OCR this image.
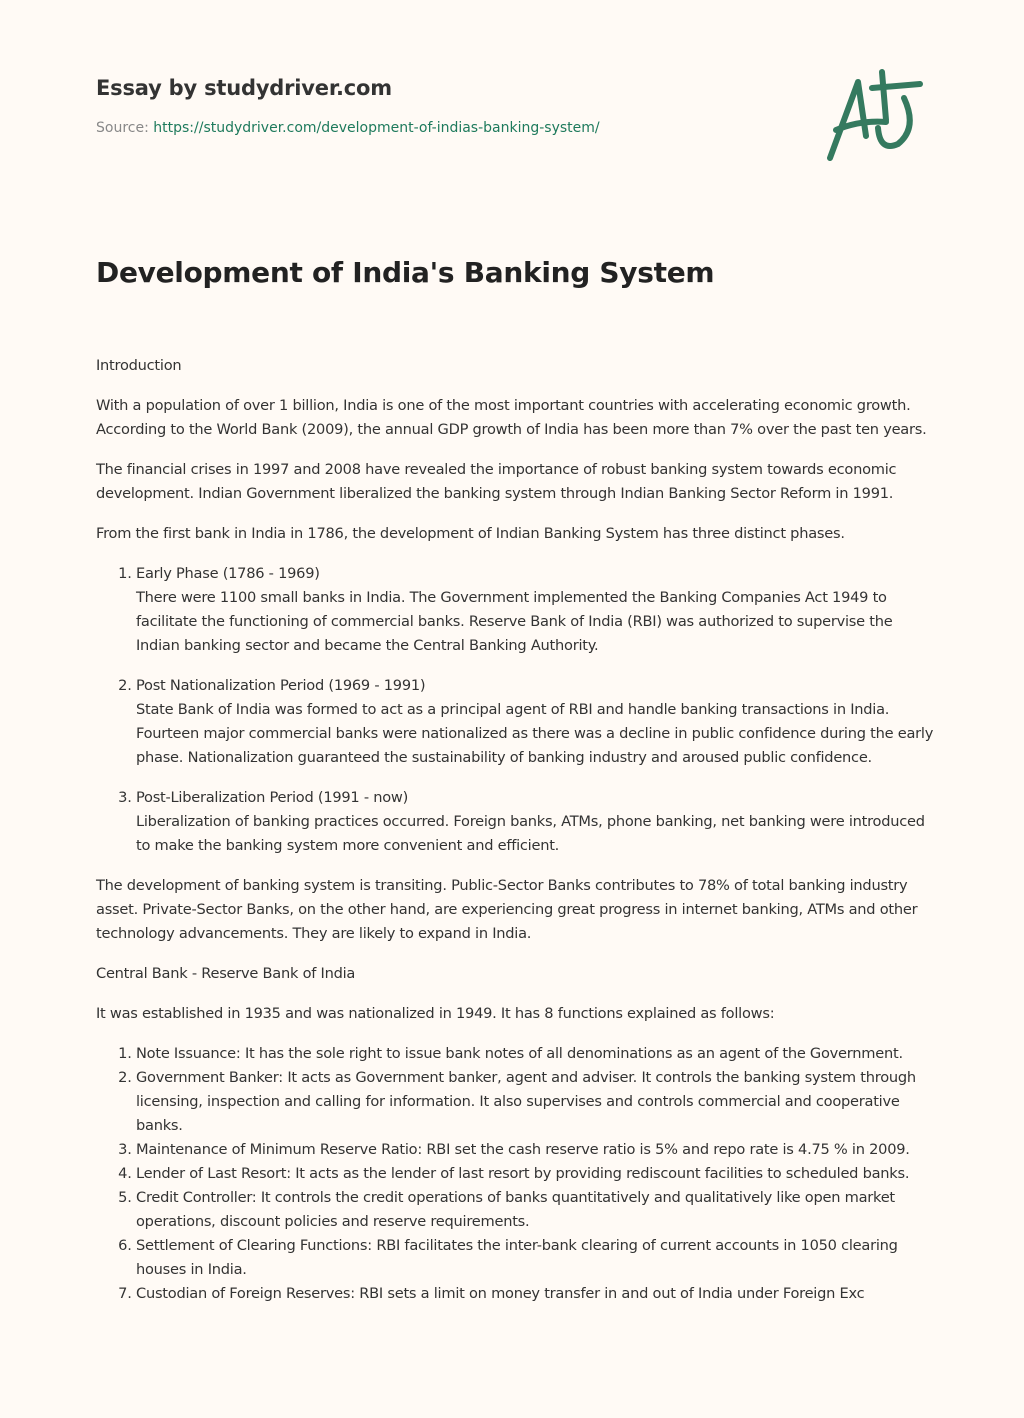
Essay by studydriver.com

Source: https://studydriver.com/development-of-indias-banking-system/
Development of India's Banking System

Introduction

With a population of over 1 billion, India is one of the most important countries with accelerating economic growth. According to the World Bank (2009), the annual GDP growth of India has been more than 7% over the past ten years.

The financial crises in 1997 and 2008 have revealed the importance of robust banking system towards economic development. Indian Government liberalized the banking system through Indian Banking Sector Reform in 1991.

From the first bank in India in 1786, the development of Indian Banking System has three distinct phases.

1. Early Phase (1786 - 1969)
There were 1100 small banks in India. The Government implemented the Banking Companies Act 1949 to facilitate the functioning of commercial banks. Reserve Bank of India (RBI) was authorized to supervise the Indian banking sector and became the Central Banking Authority.
2. Post Nationalization Period (1969 - 1991)
State Bank of India was formed to act as a principal agent of RBI and handle banking transactions in India. Fourteen major commercial banks were nationalized as there was a decline in public confidence during the early phase. Nationalization guaranteed the sustainability of banking industry and aroused public confidence.
3. Post-Liberalization Period (1991 - now)
Liberalization of banking practices occurred. Foreign banks, ATMs, phone banking, net banking were introduced to make the banking system more convenient and efficient.

The development of banking system is transiting. Public-Sector Banks contributes to 78% of total banking industry asset. Private-Sector Banks, on the other hand, are experiencing great progress in internet banking, ATMs and other technology advancements. They are likely to expand in India.

Central Bank - Reserve Bank of India

It was established in 1935 and was nationalized in 1949. It has 8 functions explained as follows:

1. Note Issuance: It has the sole right to issue bank notes of all denominations as an agent of the Government.
2. Government Banker: It acts as Government banker, agent and adviser. It controls the banking system through licensing, inspection and calling for information. It also supervises and controls commercial and cooperative banks.
3. Maintenance of Minimum Reserve Ratio: RBI set the cash reserve ratio is 5% and repo rate is 4.75 % in 2009.
4. Lender of Last Resort: It acts as the lender of last resort by providing rediscount facilities to scheduled banks.
5. Credit Controller: It controls the credit operations of banks quantitatively and qualitatively like open market operations, discount policies and reserve requirements.
6. Settlement of Clearing Functions: RBI facilitates the inter-bank clearing of current accounts in 1050 clearing houses in India.
7. Custodian of Foreign Reserves: RBI sets a limit on money transfer in and out of India under Foreign Exc
